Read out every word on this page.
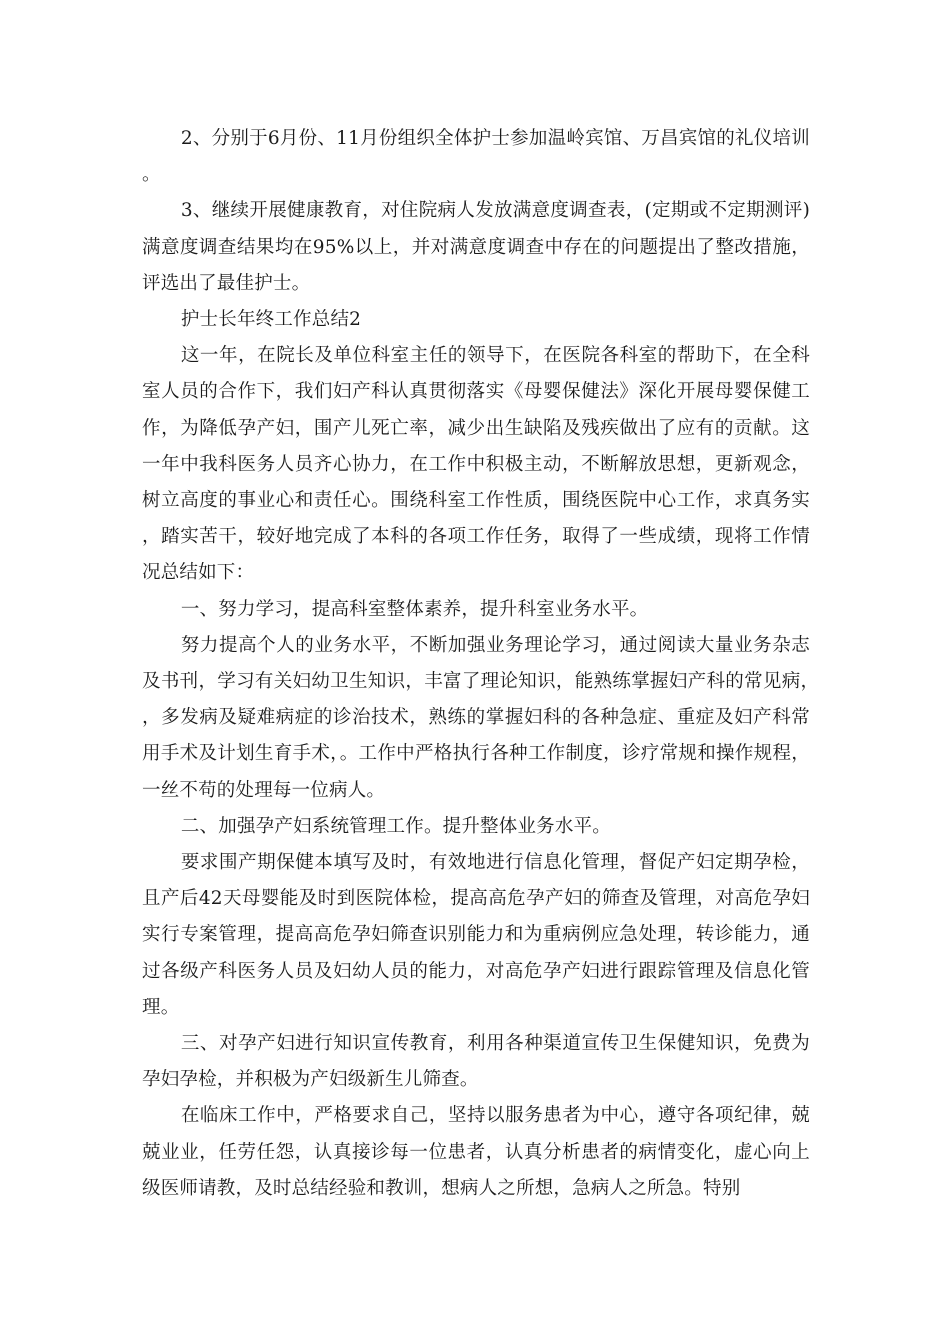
2、分别于6月份、11月份组织全体护士参加温岭宾馆、万昌宾馆的礼仪培训。

3、继续开展健康教育，对住院病人发放满意度调查表，(定期或不定期测评)满意度调查结果均在95%以上，并对满意度调查中存在的问题提出了整改措施，评选出了最佳护士。

护士长年终工作总结2

这一年，在院长及单位科室主任的领导下，在医院各科室的帮助下，在全科室人员的合作下，我们妇产科认真贯彻落实《母婴保健法》深化开展母婴保健工作，为降低孕产妇，围产儿死亡率，减少出生缺陷及残疾做出了应有的贡献。这一年中我科医务人员齐心协力，在工作中积极主动，不断解放思想，更新观念，树立高度的事业心和责任心。围绕科室工作性质，围绕医院中心工作，求真务实，踏实苦干，较好地完成了本科的各项工作任务，取得了一些成绩，现将工作情况总结如下：

一、努力学习，提高科室整体素养，提升科室业务水平。

努力提高个人的业务水平，不断加强业务理论学习，通过阅读大量业务杂志及书刊，学习有关妇幼卫生知识，丰富了理论知识，能熟练掌握妇产科的常见病，，多发病及疑难病症的诊治技术，熟练的掌握妇科的各种急症、重症及妇产科常用手术及计划生育手术，。工作中严格执行各种工作制度，诊疗常规和操作规程，一丝不苟的处理每一位病人。

二、加强孕产妇系统管理工作。提升整体业务水平。

要求围产期保健本填写及时，有效地进行信息化管理，督促产妇定期孕检，且产后42天母婴能及时到医院体检，提高高危孕产妇的筛查及管理，对高危孕妇实行专案管理，提高高危孕妇筛查识别能力和为重病例应急处理，转诊能力，通过各级产科医务人员及妇幼人员的能力，对高危孕产妇进行跟踪管理及信息化管理。

三、对孕产妇进行知识宣传教育，利用各种渠道宣传卫生保健知识，免费为孕妇孕检，并积极为产妇级新生儿筛查。

在临床工作中，严格要求自己，坚持以服务患者为中心，遵守各项纪律，兢兢业业，任劳任怨，认真接诊每一位患者，认真分析患者的病情变化，虚心向上级医师请教，及时总结经验和教训，想病人之所想，急病人之所急。特别
